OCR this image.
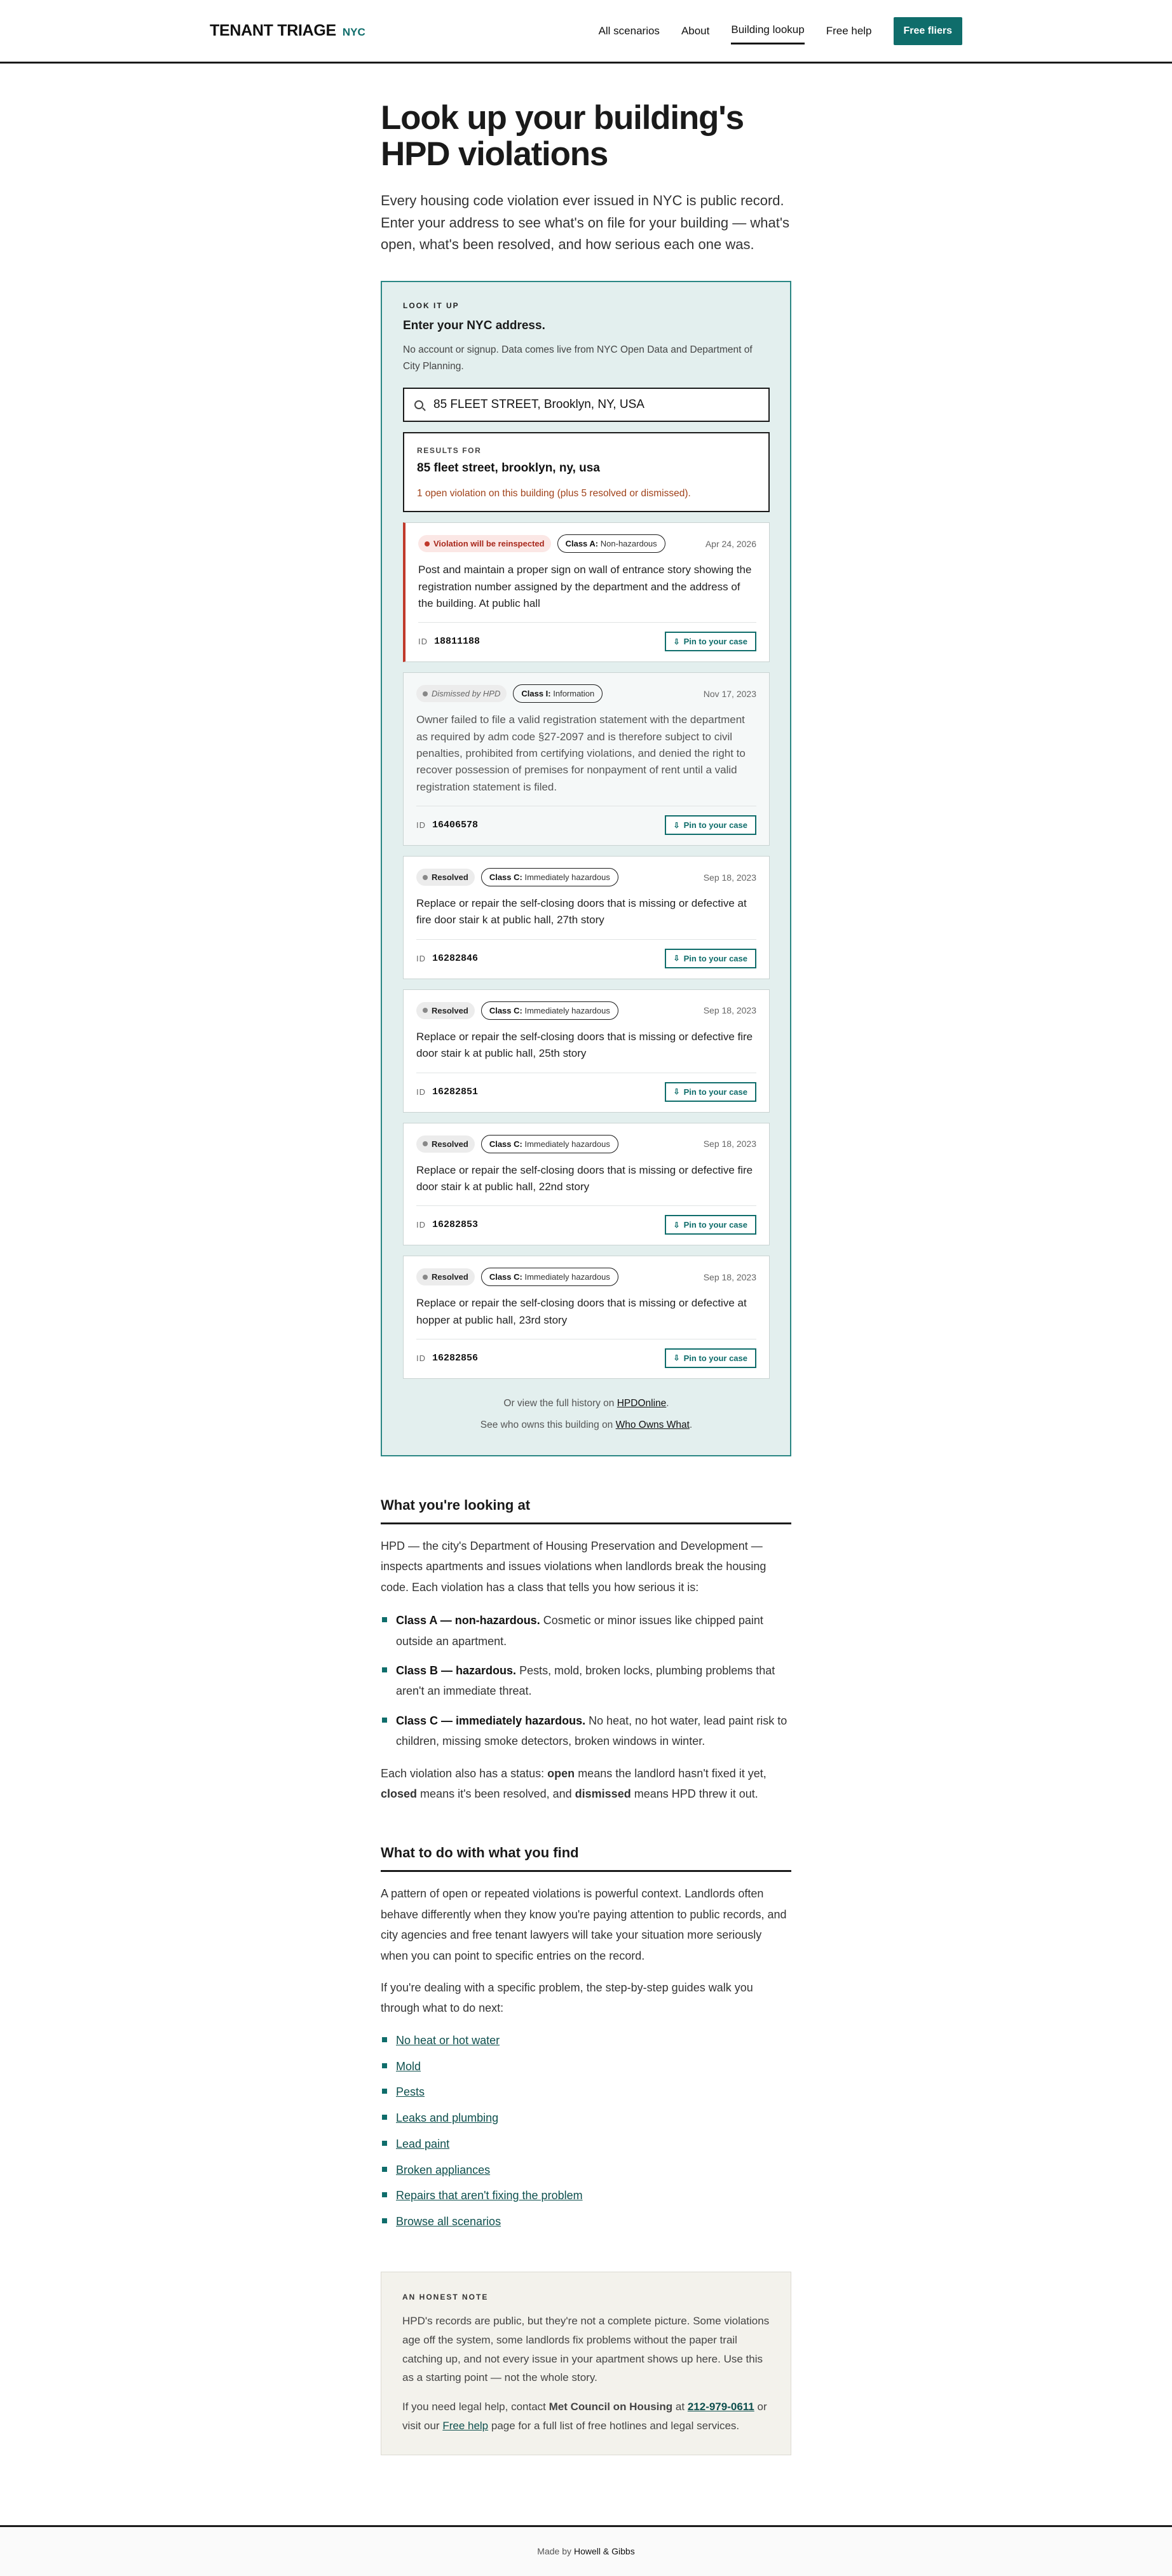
TENANT TRIAGE NYC	All scenarios About Building lookup Free help	Free fliers
Look up your building's HPD violations

Every housing code violation ever issued in NYC is public record. Enter your address to see what's on file for your building — what's open, what's been resolved, and how serious each one was.

LOOK IT UP
Enter your NYC address.

No account or signup. Data comes live from NYC Open Data and Department of City Planning.

85 FLEET STREET, Brooklyn, NY, USA
RESULTS FOR
85 fleet street, brooklyn, ny, usa
1 open violation on this building (plus 5 resolved or dismissed).
Violation will be reinspected	Class A: Non-hazardous	Apr 24, 2026

Post and maintain a proper sign on wall of entrance story showing the registration number assigned by the department and the address of the building. At public hall

ID 18811188	⇩ Pin to your case
Dismissed by HPD	Class I: Information	Nov 17, 2023

Owner failed to file a valid registration statement with the department as required by adm code §27-2097 and is therefore subject to civil penalties, prohibited from certifying violations, and denied the right to recover possession of premises for nonpayment of rent until a valid registration statement is filed.

ID 16406578	⇩ Pin to your case
Resolved	Class C: Immediately hazardous	Sep 18, 2023

Replace or repair the self-closing doors that is missing or defective at fire door stair k at public hall, 27th story

ID 16282846	⇩ Pin to your case
Resolved	Class C: Immediately hazardous	Sep 18, 2023

Replace or repair the self-closing doors that is missing or defective fire door stair k at public hall, 25th story

ID 16282851	⇩ Pin to your case
Resolved	Class C: Immediately hazardous	Sep 18, 2023

Replace or repair the self-closing doors that is missing or defective fire door stair k at public hall, 22nd story

ID 16282853	⇩ Pin to your case
Resolved	Class C: Immediately hazardous	Sep 18, 2023

Replace or repair the self-closing doors that is missing or defective at hopper at public hall, 23rd story

ID 16282856	⇩ Pin to your case
Or view the full history on HPDOnline.
See who owns this building on Who Owns What.
What you're looking at

HPD — the city's Department of Housing Preservation and Development — inspects apartments and issues violations when landlords break the housing code. Each violation has a class that tells you how serious it is:

Class A — non-hazardous. Cosmetic or minor issues like chipped paint outside an apartment.
Class B — hazardous. Pests, mold, broken locks, plumbing problems that aren't an immediate threat.
Class C — immediately hazardous. No heat, no hot water, lead paint risk to children, missing smoke detectors, broken windows in winter.

Each violation also has a status: open means the landlord hasn't fixed it yet, closed means it's been resolved, and dismissed means HPD threw it out.

What to do with what you find

A pattern of open or repeated violations is powerful context. Landlords often behave differently when they know you're paying attention to public records, and city agencies and free tenant lawyers will take your situation more seriously when you can point to specific entries on the record.

If you're dealing with a specific problem, the step-by-step guides walk you through what to do next:

No heat or hot water
Mold
Pests
Leaks and plumbing
Lead paint
Broken appliances
Repairs that aren't fixing the problem
Browse all scenarios
AN HONEST NOTE

HPD's records are public, but they're not a complete picture. Some violations age off the system, some landlords fix problems without the paper trail catching up, and not every issue in your apartment shows up here. Use this as a starting point — not the whole story.

If you need legal help, contact Met Council on Housing at 212-979-0611 or visit our Free help page for a full list of free hotlines and legal services.

Made by Howell & Gibbs
